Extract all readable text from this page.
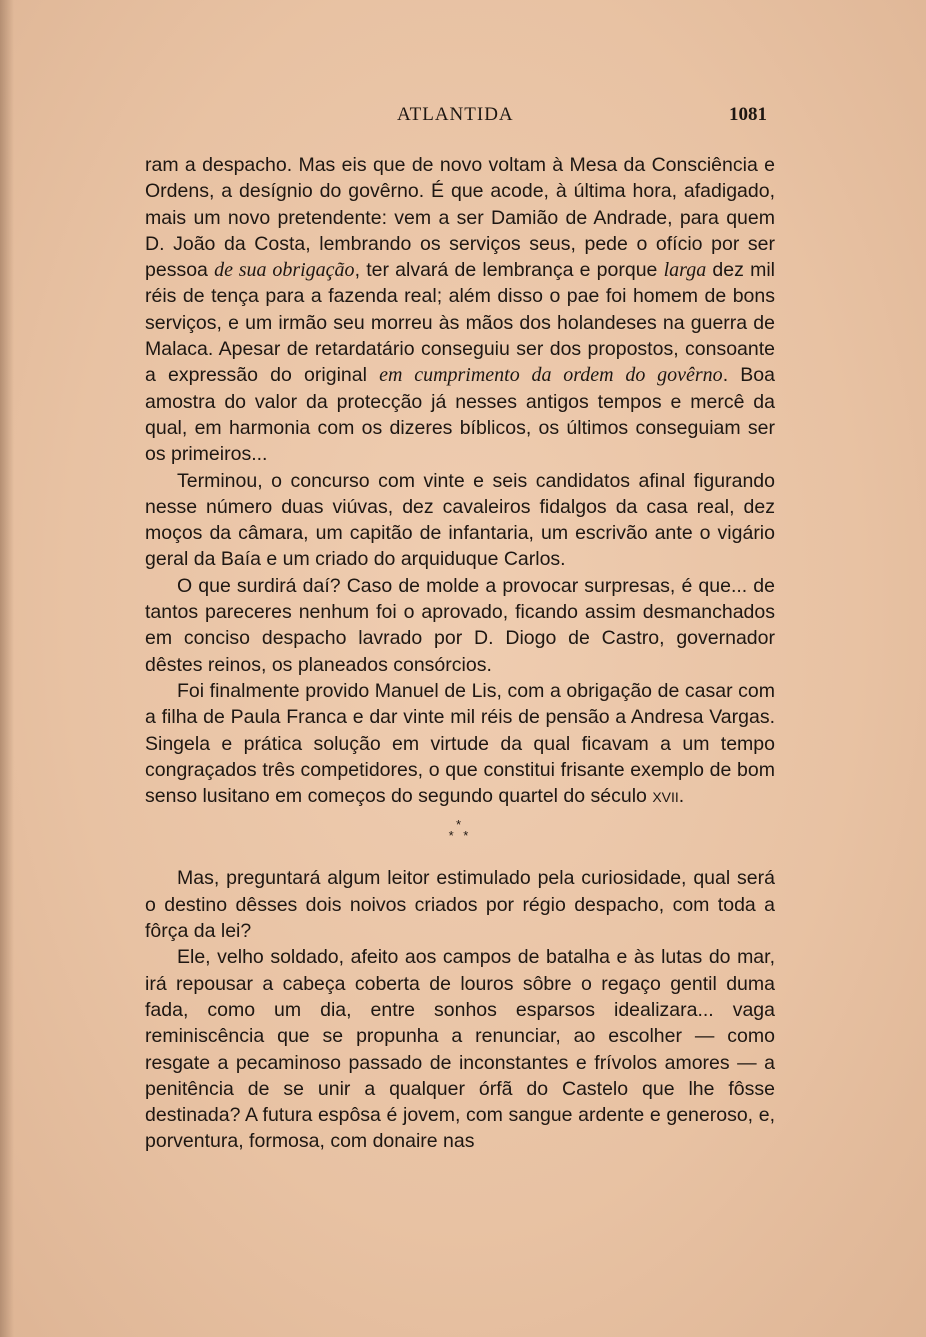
ATLANTIDA	1081

ram a despacho. Mas eis que de novo voltam à Mesa da Consciência e Ordens, a desígnio do govêrno. É que acode, à última hora, afadigado, mais um novo pretendente: vem a ser Damião de Andrade, para quem D. João da Costa, lembrando os serviços seus, pede o ofício por ser pessoa de sua obrigação, ter alvará de lembrança e porque larga dez mil réis de tença para a fazenda real; além disso o pae foi homem de bons serviços, e um irmão seu morreu às mãos dos holandeses na guerra de Malaca. Apesar de retardatário conseguiu ser dos propostos, consoante a expressão do original em cumprimento da ordem do govêrno. Boa amostra do valor da protecção já nesses antigos tempos e mercê da qual, em harmonia com os dizeres bíblicos, os últimos conseguiam ser os primeiros...

Terminou, o concurso com vinte e seis candidatos afinal figurando nesse número duas viúvas, dez cavaleiros fidalgos da casa real, dez moços da câmara, um capitão de infantaria, um escrivão ante o vigário geral da Baía e um criado do arquiduque Carlos.

O que surdirá daí? Caso de molde a provocar surpresas, é que... de tantos pareceres nenhum foi o aprovado, ficando assim desmanchados em conciso despacho lavrado por D. Diogo de Castro, governador dêstes reinos, os planeados consórcios.

Foi finalmente provido Manuel de Lis, com a obrigação de casar com a filha de Paula Franca e dar vinte mil réis de pensão a Andresa Vargas. Singela e prática solução em virtude da qual ficavam a um tempo congraçados três competidores, o que constitui frisante exemplo de bom senso lusitano em começos do segundo quartel do século xvii.

*
* *

Mas, preguntará algum leitor estimulado pela curiosidade, qual será o destino dêsses dois noivos criados por régio despacho, com toda a fôrça da lei?

Ele, velho soldado, afeito aos campos de batalha e às lutas do mar, irá repousar a cabeça coberta de louros sôbre o regaço gentil duma fada, como um dia, entre sonhos esparsos idealizara... vaga reminiscência que se propunha a renunciar, ao escolher — como resgate a pecaminoso passado de inconstantes e frívolos amores — a penitência de se unir a qualquer órfã do Castelo que lhe fôsse destinada? A futura espôsa é jovem, com sangue ardente e generoso, e, porventura, formosa, com donaire nas
